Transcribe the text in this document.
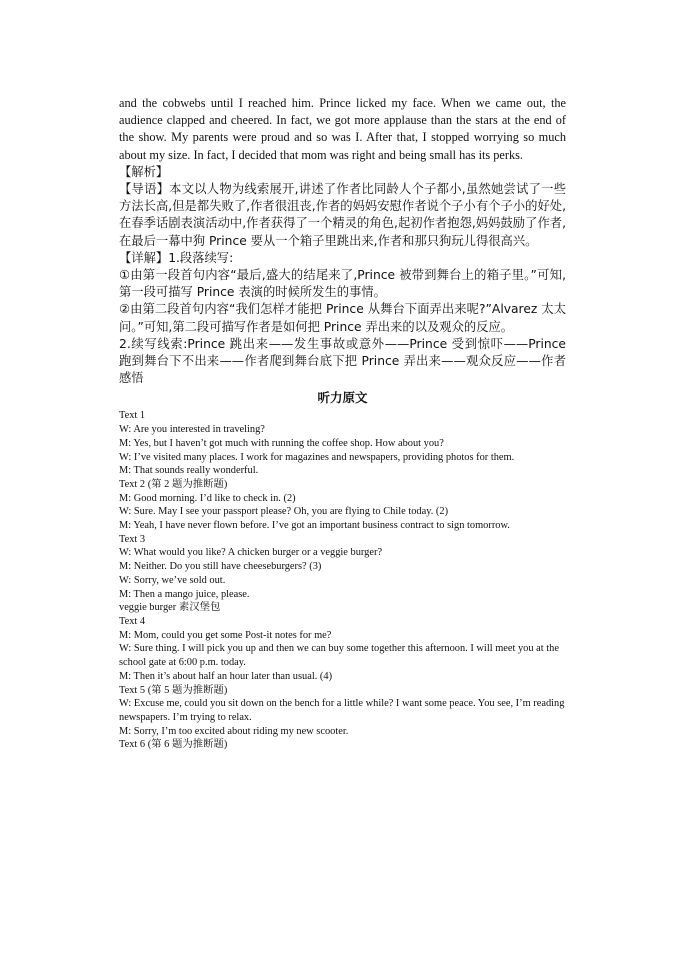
and the cobwebs until I reached him. Prince licked my face. When we came out, the audience clapped and cheered. In fact, we got more applause than the stars at the end of the show. My parents were proud and so was I. After that, I stopped worrying so much about my size. In fact, I decided that mom was right and being small has its perks.

【解析】

【导语】本文以人物为线索展开,讲述了作者比同龄人个子都小,虽然她尝试了一些方法长高,但是都失败了,作者很沮丧,作者的妈妈安慰作者说个子小有个子小的好处,在春季话剧表演活动中,作者获得了一个精灵的角色,起初作者抱怨,妈妈鼓励了作者,在最后一幕中狗 Prince 要从一个箱子里跳出来,作者和那只狗玩儿得很高兴。

【详解】1.段落续写:

①由第一段首句内容“最后,盛大的结尾来了,Prince 被带到舞台上的箱子里。”可知,第一段可描写 Prince 表演的时候所发生的事情。

②由第二段首句内容“我们怎样才能把 Prince 从舞台下面弄出来呢?”Alvarez 太太问。”可知,第二段可描写作者是如何把 Prince 弄出来的以及观众的反应。

2.续写线索:Prince 跳出来——发生事故或意外——Prince 受到惊吓——Prince 跑到舞台下不出来——作者爬到舞台底下把 Prince 弄出来——观众反应——作者感悟

听力原文
Text 1
W: Are you interested in traveling?
M: Yes, but I haven’t got much with running the coffee shop. How about you?
W: I’ve visited many places. I work for magazines and newspapers, providing photos for them.
M: That sounds really wonderful.
Text 2 (第 2 题为推断题)
M: Good morning. I’d like to check in. (2)
W: Sure. May I see your passport please? Oh, you are flying to Chile today. (2)
M: Yeah, I have never flown before. I’ve got an important business contract to sign tomorrow.
Text 3
W: What would you like? A chicken burger or a veggie burger?
M: Neither. Do you still have cheeseburgers? (3)
W: Sorry, we’ve sold out.
M: Then a mango juice, please.
veggie burger 素汉堡包
Text 4
M: Mom, could you get some Post-it notes for me?
W: Sure thing. I will pick you up and then we can buy some together this afternoon. I will meet you at the school gate at 6:00 p.m. today.
M: Then it’s about half an hour later than usual. (4)
Text 5 (第 5 题为推断题)
W: Excuse me, could you sit down on the bench for a little while? I want some peace. You see, I’m reading newspapers. I’m trying to relax.
M: Sorry, I’m too excited about riding my new scooter.
Text 6 (第 6 题为推断题)
